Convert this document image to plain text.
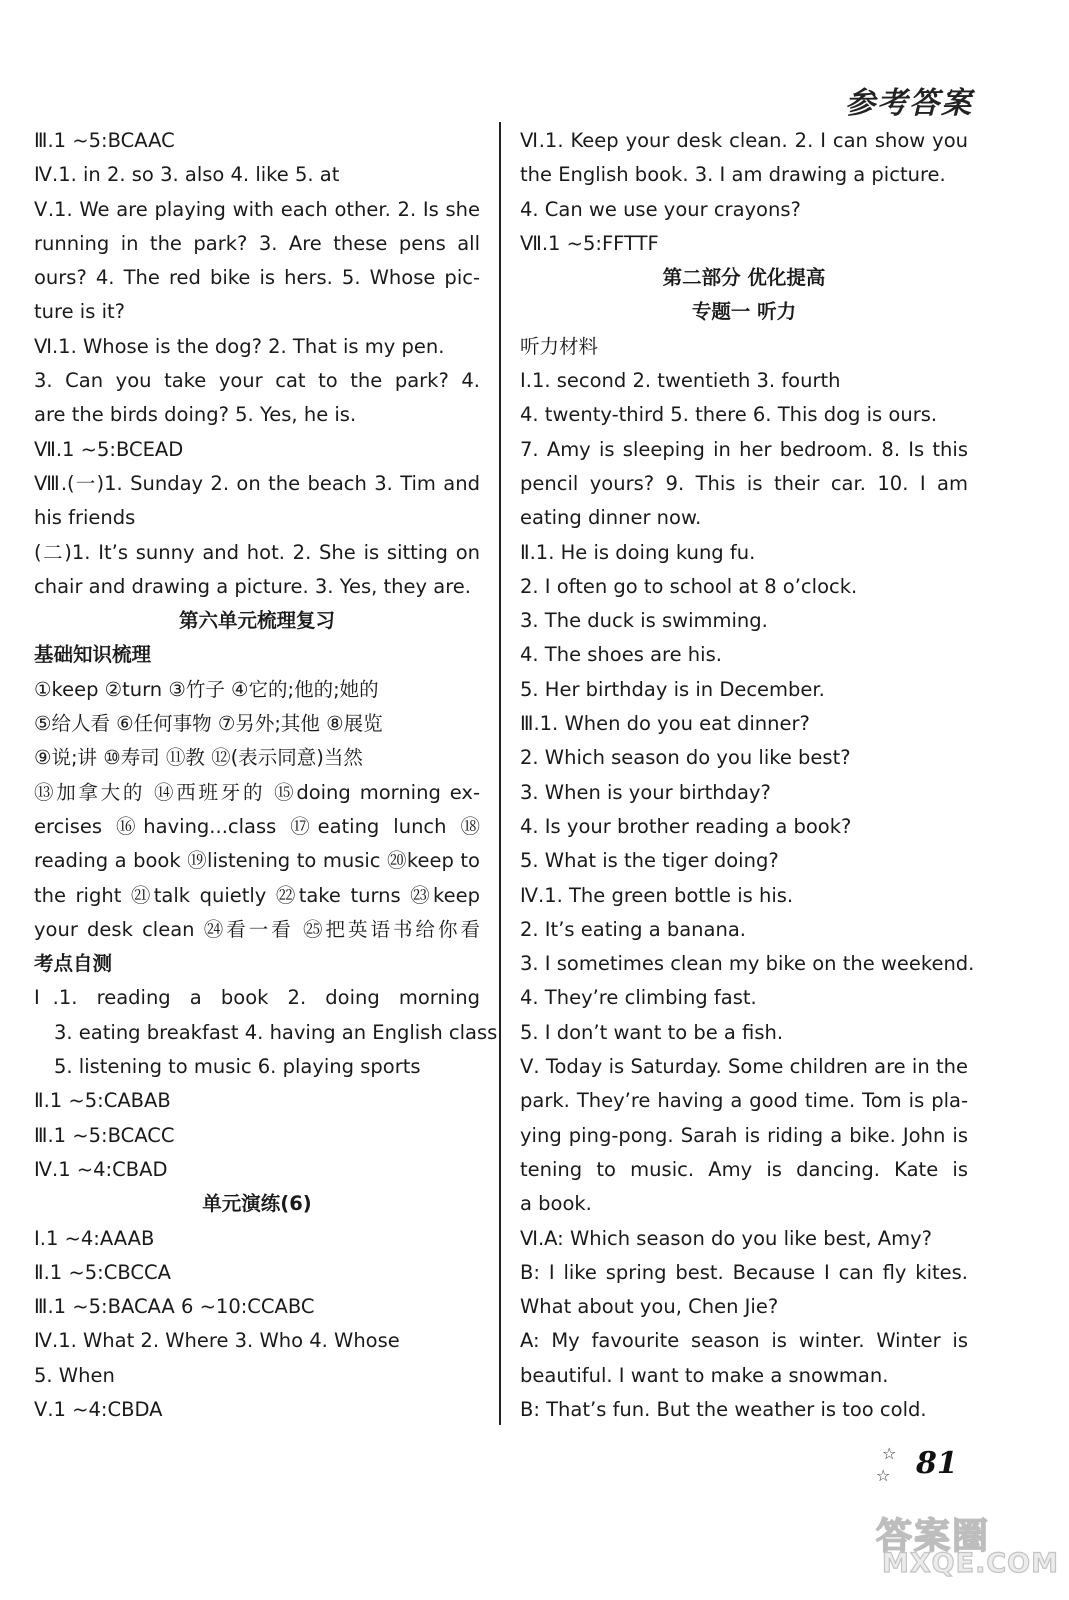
参考答案
Ⅲ.1 ~5:BCAAC
Ⅳ.1. in 2. so 3. also 4. like 5. at
Ⅴ.1. We are playing with each other. 2. Is she
running in the park? 3. Are these pens all
ours? 4. The red bike is hers. 5. Whose pic-
ture is it?
Ⅵ.1. Whose is the dog? 2. That is my pen.
3. Can you take your cat to the park? 4.
are the birds doing? 5. Yes, he is.
Ⅶ.1 ~5:BCEAD
Ⅷ.(一)1. Sunday 2. on the beach 3. Tim and
his friends
(二)1. It’s sunny and hot. 2. She is sitting on
chair and drawing a picture. 3. Yes, they are.
第六单元梳理复习
基础知识梳理
①keep ②turn ③竹子 ④它的;他的;她的
⑤给人看 ⑥任何事物 ⑦另外;其他 ⑧展览
⑨说;讲 ⑩寿司 ⑪教 ⑫(表示同意)当然
⑬加拿大的 ⑭西班牙的 ⑮doing morning ex-
ercises ⑯having...class ⑰eating lunch ⑱
reading a book ⑲listening to music ⑳keep to
the right ㉑talk quietly ㉒take turns ㉓keep
your desk clean ㉔看一看 ㉕把英语书给你看
考点自测
Ⅰ.1. reading a book 2. doing morning
3. eating breakfast 4. having an English class
5. listening to music 6. playing sports
Ⅱ.1 ~5:CABAB
Ⅲ.1 ~5:BCACC
Ⅳ.1 ~4:CBAD
单元演练(6)
Ⅰ.1 ~4:AAAB
Ⅱ.1 ~5:CBCCA
Ⅲ.1 ~5:BACAA 6 ~10:CCABC
Ⅳ.1. What 2. Where 3. Who 4. Whose
5. When
Ⅴ.1 ~4:CBDA
Ⅵ.1. Keep your desk clean. 2. I can show you
the English book. 3. I am drawing a picture.
4. Can we use your crayons?
Ⅶ.1 ~5:FFTTF
第二部分 优化提高
专题一 听力
听力材料
Ⅰ.1. second 2. twentieth 3. fourth
4. twenty-third 5. there 6. This dog is ours.
7. Amy is sleeping in her bedroom. 8. Is this
pencil yours? 9. This is their car. 10. I am
eating dinner now.
Ⅱ.1. He is doing kung fu.
2. I often go to school at 8 o’clock.
3. The duck is swimming.
4. The shoes are his.
5. Her birthday is in December.
Ⅲ.1. When do you eat dinner?
2. Which season do you like best?
3. When is your birthday?
4. Is your brother reading a book?
5. What is the tiger doing?
Ⅳ.1. The green bottle is his.
2. It’s eating a banana.
3. I sometimes clean my bike on the weekend.
4. They’re climbing fast.
5. I don’t want to be a fish.
Ⅴ. Today is Saturday. Some children are in the
park. They’re having a good time. Tom is pla-
ying ping-pong. Sarah is riding a bike. John is
tening to music. Amy is dancing. Kate is
a book.
Ⅵ.A: Which season do you like best, Amy?
B: I like spring best. Because I can fly kites.
What about you, Chen Jie?
A: My favourite season is winter. Winter is
beautiful. I want to make a snowman.
B: That’s fun. But the weather is too cold.
☆
☆ 81
答案圈
MXQE.COM
